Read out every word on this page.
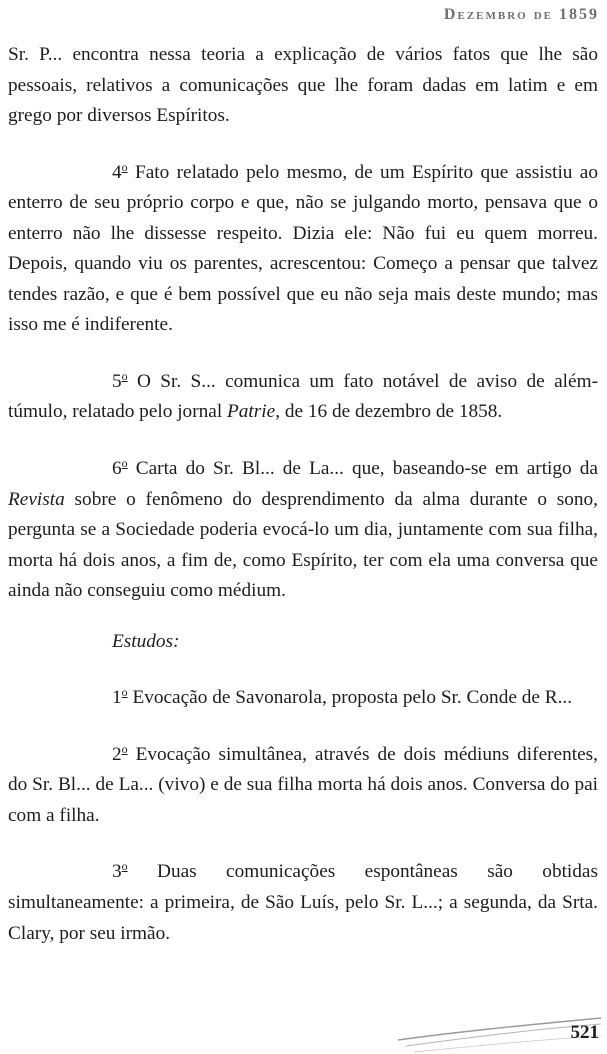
Dezembro de 1859

Sr. P... encontra nessa teoria a explicação de vários fatos que lhe são pessoais, relativos a comunicações que lhe foram dadas em latim e em grego por diversos Espíritos.

4$^o$ Fato relatado pelo mesmo, de um Espírito que assistiu ao enterro de seu próprio corpo e que, não se julgando morto, pensava que o enterro não lhe dissesse respeito. Dizia ele: Não fui eu quem morreu. Depois, quando viu os parentes, acrescentou: Começo a pensar que talvez tendes razão, e que é bem possível que eu não seja mais deste mundo; mas isso me é indiferente.

5$^o$ O Sr. S... comunica um fato notável de aviso de além-túmulo, relatado pelo jornal Patrie, de 16 de dezembro de 1858.

6$^o$ Carta do Sr. Bl... de La... que, baseando-se em artigo da Revista sobre o fenômeno do desprendimento da alma durante o sono, pergunta se a Sociedade poderia evocá-lo um dia, juntamente com sua filha, morta há dois anos, a fim de, como Espírito, ter com ela uma conversa que ainda não conseguiu como médium.

Estudos:

1$^o$ Evocação de Savonarola, proposta pelo Sr. Conde de R...

2$^o$ Evocação simultânea, através de dois médiuns diferentes, do Sr. Bl... de La... (vivo) e de sua filha morta há dois anos. Conversa do pai com a filha.

3$^o$ Duas comunicações espontâneas são obtidas simultaneamente: a primeira, de São Luís, pelo Sr. L...; a segunda, da Srta. Clary, por seu irmão.

521
